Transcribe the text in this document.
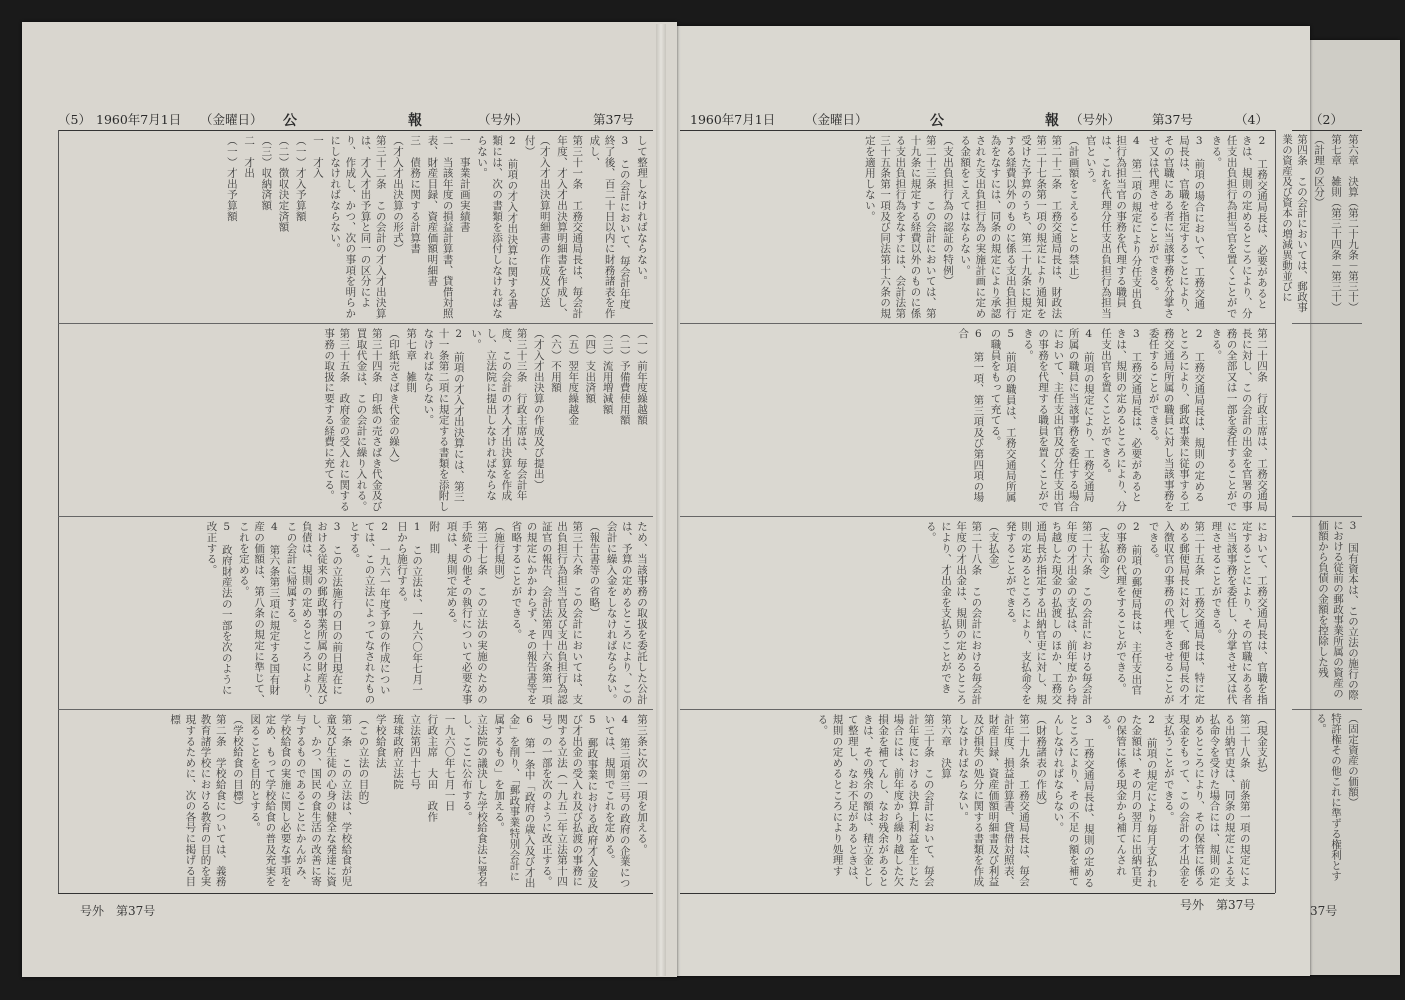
（5） 1960年7月1日 （金曜日） 公	報	（号外）	第37号
して整理しなければならない。
3　この会計において、毎会計年度終了後、百二十日以内に財務諸表を作成し、
第三十一条　工務交通局長は、毎会計年度、才入才出決算明細書を作成し、
（才入才出決算明細書の作成及び送付）
2　前項の才入才出決算に関する書類には、次の書類を添付しなければならない。
一　事業計画実績書
二　当該年度の損益計算書、貸借対照表、財産目録、資産価額明細書
三　債務に関する計算書
（才入才出決算の形式）
第三十二条　この会計の才入才出決算は、才入才出予算と同一の区分により、作成し、かつ、次の事項を明らかにしなければならない。
一　才入
（一）才入予算額
（二）徴収決定済額
（三）収納済額
二　才出
（一）才出予算額
（一）前年度繰越額
（二）予備費使用額
（三）流用増減額
（四）支出済額
（五）翌年度繰越金
（六）不用額
（才入才出決算の作成及び提出）
第三十三条　行政主席は、毎会計年度、この会計の才入才出決算を作成し、立法院に提出しなければならない。
2　前項の才入才出決算には、第三十一条第二項に規定する書類を添附しなければならない。
第七章　雑則
（印紙売さばき代金の繰入）
第三十四条　印紙の売さばき代金及び買取代金は、この会計に繰り入れる。
第三十五条　政府金の受入れに関する事務の取扱に要する経費に充てる。
ため、当該事務の取扱を委託した公計は、予算の定めるところにより、この会計に繰入金をしなければならない。
（報告書等の省略）
第三十六条　この会計においては、支出負担行為担当官及び支出負担行為認証官の報告、会計法第四十六条第一項の規定にかかわらず、その報告書等を省略することができる。
（施行規則）
第三十七条　この立法の実施のための手続その他その執行について必要な事項は、規則で定める。
附　則
1　この立法は、一九六〇年七月一日から施行する。
2　一九六一年度予算の作成については、この立法によってなされたものとする。
3　この立法施行の日の前日現在における従来の郵政事業所属の財産及び負債は、規則の定めるところにより、この会計に帰属する。
4　第六条第三項に規定する国有財産の価額は、第八条の規定に準じて、これを定める。
5　政府財産法の一部を次のように改正する。
第三条に次の一項を加える。
4　第三項第三号の政府の企業については、規則でこれを定める。
5　郵政事業における政府才入金及び才出金の受入れ及び払渡の事務に関する立法（一九五二年立法第十四号）の一部を次のように改正する。
6　第一条中「政府の歳入及び才出金」を削り、「郵政事業特別会計に属するもの」を加える。
立法院の議決した学校給食法に署名し、ここに公布する。
一九六〇年七月一日
行政主席　大田　政作
立法第四十七号
琉球政府立法院
学校給食法
（この立法の目的）
第一条　この立法は、学校給食が児童及び生徒の心身の健全な発達に資し、かつ、国民の食生活の改善に寄与するものであることにかんがみ、学校給食の実施に関し必要な事項を定め、もって学校給食の普及充実を図ることを目的とする。
（学校給食の目標）
第二条　学校給食については、義務教育諸学校における教育の目的を実現するために、次の各号に掲げる目標
号外　第37号
1960年7月1日 （金曜日）	公	報 （号外）	第37号	（4）
2　工務交通局長は、必要があるときは、規則の定めるところにより、分任支出負担行為担当官を置くことができる。
3　前項の場合において、工務交通局長は、官職を指定することにより、その官職にある者に当該事務を分掌させ又は代理させることができる。
4　第二項の規定により分任支出負担行為担当官の事務を代理する職員は、これを代理分任支出負担行為担当官という。
（計画額をこえることの禁止）
第二十二条　工務交通局長は、財政法第二十七条第一項の規定により通知を受けた予算のうち、第二十九条に規定する経費以外のものに係る支出負担行為をなすには、同条の規定により承認された支出負担行為の実施計画に定める金額をこえてはならない。
（支出負担行為の認証の特例）
第二十三条　この会計においては、第十九条に規定する経費以外のものに係る支出負担行為をなすには、会計法第三十五条第一項及び同法第十六条の規定を適用しない。
第二十四条　行政主席は、工務交通局長に対し、この会計の出金を官署の事務の全部又は一部を委任することができる。
2　工務交通局長は、規則の定めるところにより、郵政事業に従事する工務交通局所属の職員に対し当該事務を委任することができる。
3　工務交通局長は、必要があるときは、規則の定めるところにより、分任支出官を置くことができる。
4　前項の規定により、工務交通局所属の職員に当該事務を委任する場合において、主任支出官及び分任支出官の事務を代理する職員を置くことができる。
5　前項の職員は、工務交通局所属の職員をもって充てる。
6　第一項、第三項及び第四項の場合
において、工務交通局長は、官職を指定することにより、その官職にある者に当該事務を委任し、分掌させ又は代理させることができる。
第二十五条　工務交通局長は、特に定める郵便局長に対して、郵便局長の才入徴収官の事務の代理をさせることができる。
2　前項の郵便局長は、主任支出官の事務の代理をすることができる。
（支払命令）
第二十六条　この会計における毎会計年度の才出金の支払は、前年度から持ち越した現金の払渡しのほか、工務交通局長が指定する出納官吏に対し、規則の定めるところにより、支払命令を発することができる。
（支払金）
第二十八条　この会計における毎会計年度の才出金は、規則の定めるところにより、才出金を支払うことができる。
（現金支払）
第二十八条　前条第一項の規定による出納官吏は、同条の規定による支払命令を受けた場合には、規則の定めるところにより、その保管に係る現金をもって、この会計の才出金を支払うことができる。
2　前項の規定により毎月支払われた金額は、その月の翌月に出納官吏の保管に係る現金から補てんされる。
3　工務交通局長は、規則の定めるところにより、その不足の額を補てんしなければならない。
（財務諸表の作成）
第二十九条　工務交通局長は、毎会計年度、損益計算書、貸借対照表、財産目録、資産価額明細書及び利益及び損失の処分に関する書類を作成しなければならない。
第六章　決算
第三十条　この会計において、毎会計年度における決算上利益を生じた場合には、前年度から繰り越した欠損金を補てんし、なお残余があるときは、その残余の額は、積立金として整理し、なお不足があるときは、規則の定めるところにより処理する。
号外　第37号
（2）
第六章　決算（第二十九条－第三十）
第七章　雑則（第三十四条－第三十）
（計理の区分）
第四条　この会計においては、郵政事業の資産及び資本の増減異動並びに
3　国有資本は、この立法の施行の際における従前の郵政事業所属の資産の価額から負債の金額を控除した残
（固定資産の価額）
特許権その他これに準ずる権利とする。
37号
